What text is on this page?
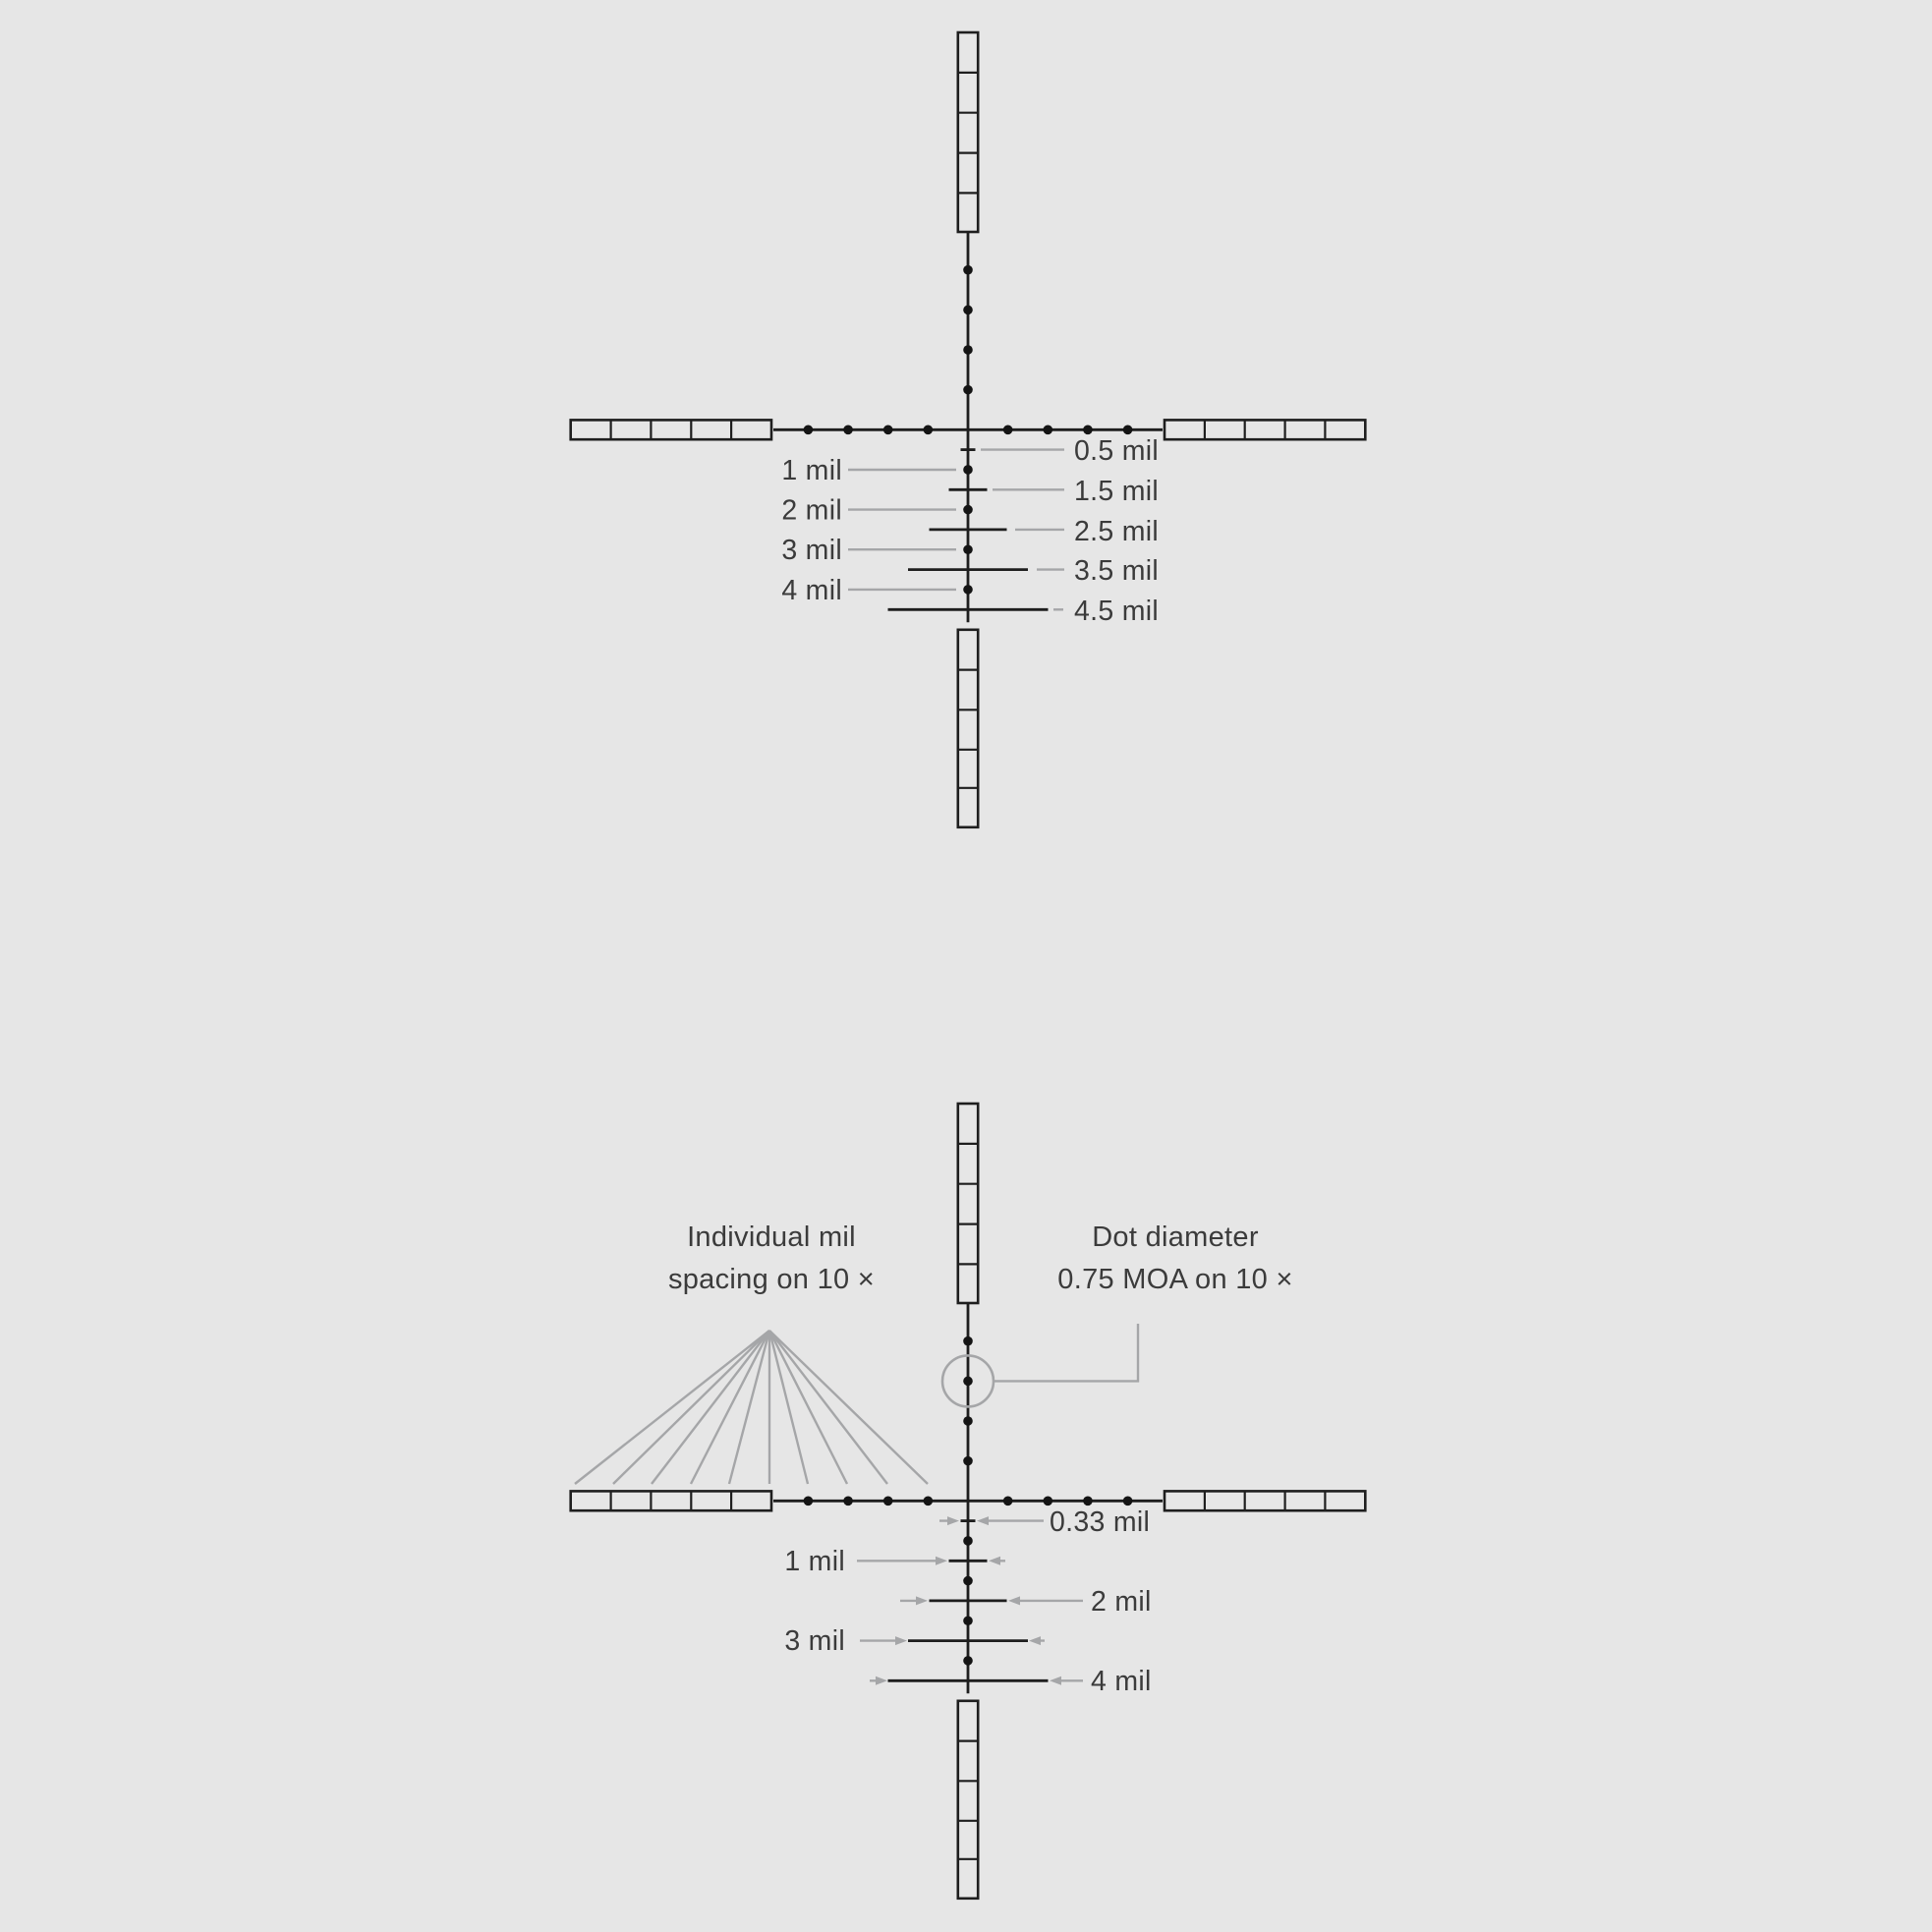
1 mil
2 mil
3 mil
4 mil
0.5 mil
1.5 mil
2.5 mil
3.5 mil
4.5 mil
Individual mil
spacing on 10 ×
Dot diameter
0.75 MOA on 10 ×
0.33 mil
1 mil
2 mil
3 mil
4 mil
